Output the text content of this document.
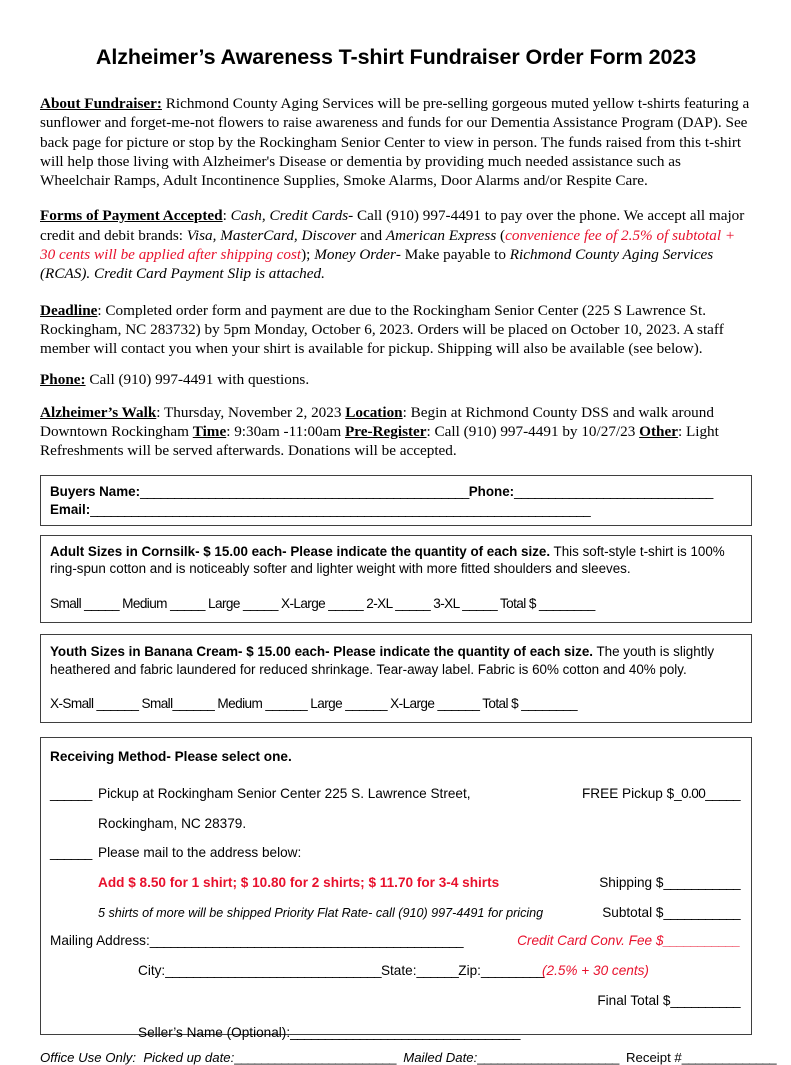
Alzheimer’s Awareness T-shirt Fundraiser Order Form 2023

About Fundraiser: Richmond County Aging Services will be pre-selling gorgeous muted yellow t-shirts featuring a sunflower and forget-me-not flowers to raise awareness and funds for our Dementia Assistance Program (DAP). See back page for picture or stop by the Rockingham Senior Center to view in person. The funds raised from this t-shirt will help those living with Alzheimer's Disease or dementia by providing much needed assistance such as Wheelchair Ramps, Adult Incontinence Supplies, Smoke Alarms, Door Alarms and/or Respite Care.

Forms of Payment Accepted: Cash, Credit Cards- Call (910) 997-4491 to pay over the phone. We accept all major credit and debit brands: Visa, MasterCard, Discover and American Express (convenience fee of 2.5% of subtotal + 30 cents will be applied after shipping cost); Money Order- Make payable to Richmond County Aging Services (RCAS). Credit Card Payment Slip is attached.

Deadline: Completed order form and payment are due to the Rockingham Senior Center (225 S Lawrence St. Rockingham, NC 283732) by 5pm Monday, October 6, 2023. Orders will be placed on October 10, 2023. A staff member will contact you when your shirt is available for pickup. Shipping will also be available (see below).

Phone: Call (910) 997-4491 with questions.

Alzheimer’s Walk: Thursday, November 2, 2023 Location: Begin at Richmond County DSS and walk around Downtown Rockingham Time: 9:30am -11:00am Pre-Register: Call (910) 997-4491 by 10/27/23 Other: Light Refreshments will be served afterwards. Donations will be accepted.

Buyers Name:________________________________________________Phone:_____________________________
Email:_________________________________________________________________________

Adult Sizes in Cornsilk- $ 15.00 each- Please indicate the quantity of each size. This soft-style t-shirt is 100% ring-spun cotton and is noticeably softer and lighter weight with more fitted shoulders and sleeves.

Small _____ Medium _____ Large _____ X-Large _____ 2-XL _____ 3-XL _____ Total $ ________

Youth Sizes in Banana Cream- $ 15.00 each- Please indicate the quantity of each size. The youth is slightly heathered and fabric laundered for reduced shrinkage. Tear-away label. Fabric is 60% cotton and 40% poly.

X-Small ______ Small______ Medium ______ Large ______ X-Large ______ Total $ ________
Receiving Method- Please select one.
______ Pickup at Rockingham Senior Center 225 S. Lawrence Street,	FREE Pickup $_0.00_____
Rockingham, NC 28379.
______ Please mail to the address below:
Add $ 8.50 for 1 shirt; $ 10.80 for 2 shirts; $ 11.70 for 3-4 shirts	Shipping $___________
5 shirts of more will be shipped Priority Flat Rate- call (910) 997-4491 for pricing	Subtotal $___________
Mailing Address:_____________________________________________	Credit Card Conv. Fee $___________
City:_______________________________State:______Zip:_________
(2.5% + 30 cents)
Final Total $__________
Seller’s Name (Optional):_________________________________
Office Use Only: Picked up date:________________________ Mailed Date:_____________________ Receipt #______________
